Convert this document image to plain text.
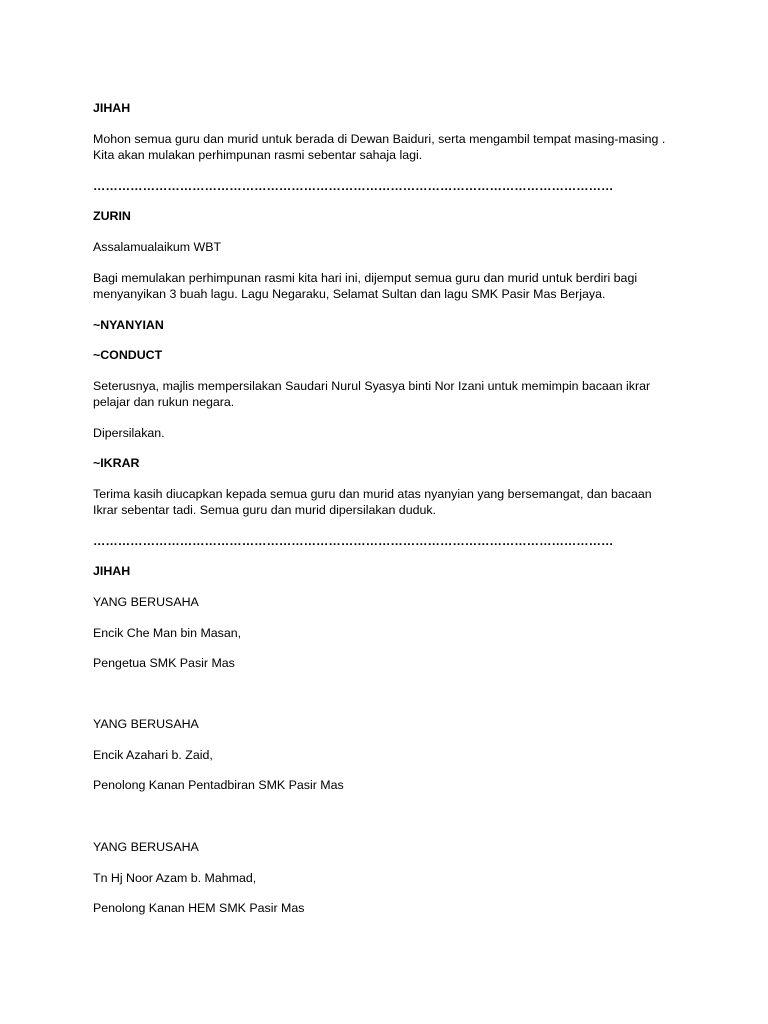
JIHAH
Mohon semua guru dan murid untuk berada di Dewan Baiduri, serta mengambil tempat masing-masing .
Kita akan mulakan perhimpunan rasmi sebentar sahaja lagi.
………………………………………………………………………………………………………………
ZURIN
Assalamualaikum WBT
Bagi memulakan perhimpunan rasmi kita hari ini, dijemput semua guru dan murid untuk berdiri bagi
menyanyikan 3 buah lagu. Lagu Negaraku, Selamat Sultan dan lagu SMK Pasir Mas Berjaya.
~NYANYIAN
~CONDUCT
Seterusnya, majlis mempersilakan Saudari Nurul Syasya binti Nor Izani untuk memimpin bacaan ikrar
pelajar dan rukun negara.
Dipersilakan.
~IKRAR
Terima kasih diucapkan kepada semua guru dan murid atas nyanyian yang bersemangat, dan bacaan
Ikrar sebentar tadi. Semua guru dan murid dipersilakan duduk.
………………………………………………………………………………………………………………
JIHAH
YANG BERUSAHA
Encik Che Man bin Masan,
Pengetua SMK Pasir Mas
YANG BERUSAHA
Encik Azahari b. Zaid,
Penolong Kanan Pentadbiran SMK Pasir Mas
YANG BERUSAHA
Tn Hj Noor Azam b. Mahmad,
Penolong Kanan HEM SMK Pasir Mas
